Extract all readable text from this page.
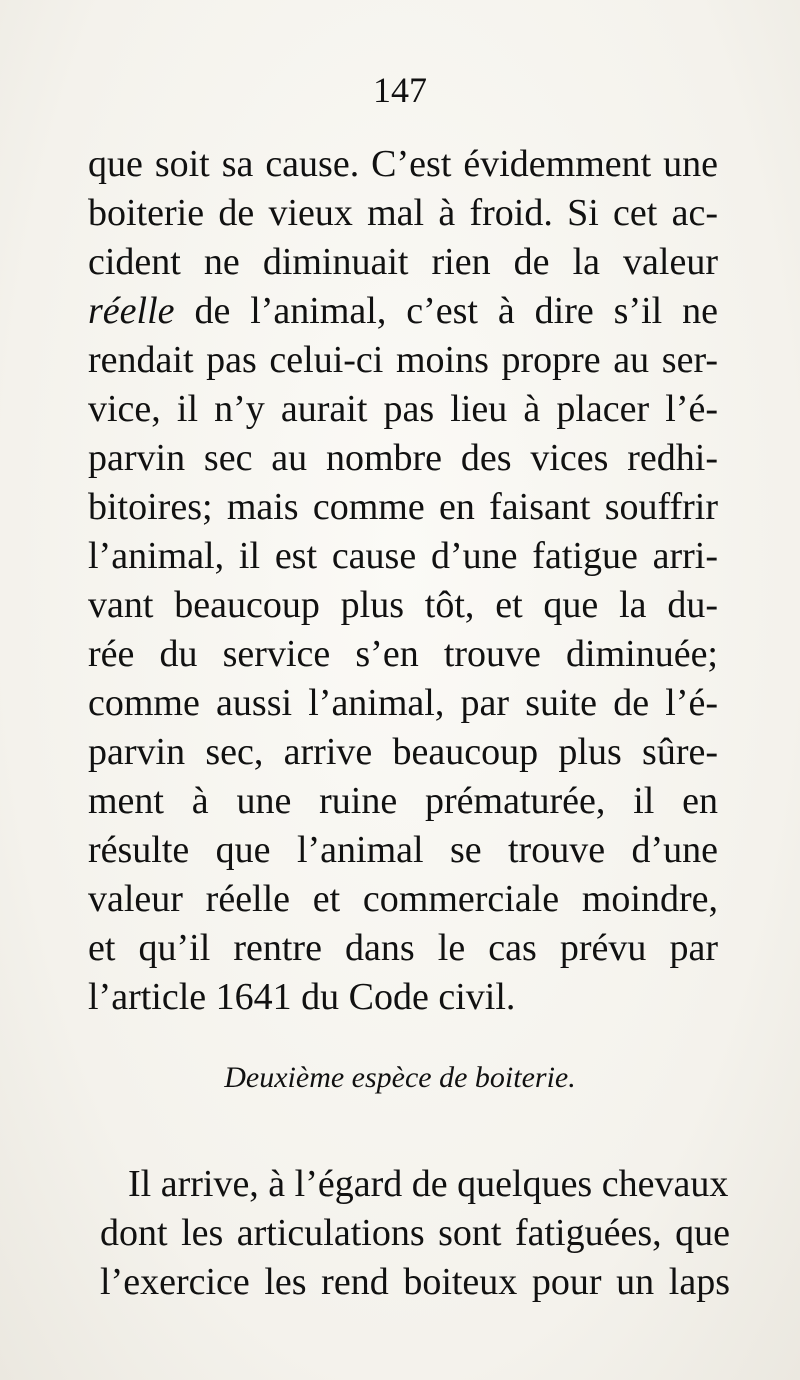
147
que soit sa cause. C’est évidemment une
boiterie de vieux mal à froid. Si cet ac-
cident ne diminuait rien de la valeur
réelle de l’animal, c’est à dire s’il ne
rendait pas celui-ci moins propre au ser-
vice, il n’y aurait pas lieu à placer l’é-
parvin sec au nombre des vices redhi-
bitoires; mais comme en faisant souffrir
l’animal, il est cause d’une fatigue arri-
vant beaucoup plus tôt, et que la du-
rée du service s’en trouve diminuée;
comme aussi l’animal, par suite de l’é-
parvin sec, arrive beaucoup plus sûre-
ment à une ruine prématurée, il en
résulte que l’animal se trouve d’une
valeur réelle et commerciale moindre,
et qu’il rentre dans le cas prévu par
l’article 1641 du Code civil.
Deuxième espèce de boiterie.
Il arrive, à l’égard de quelques chevaux
dont les articulations sont fatiguées, que
l’exercice les rend boiteux pour un laps
